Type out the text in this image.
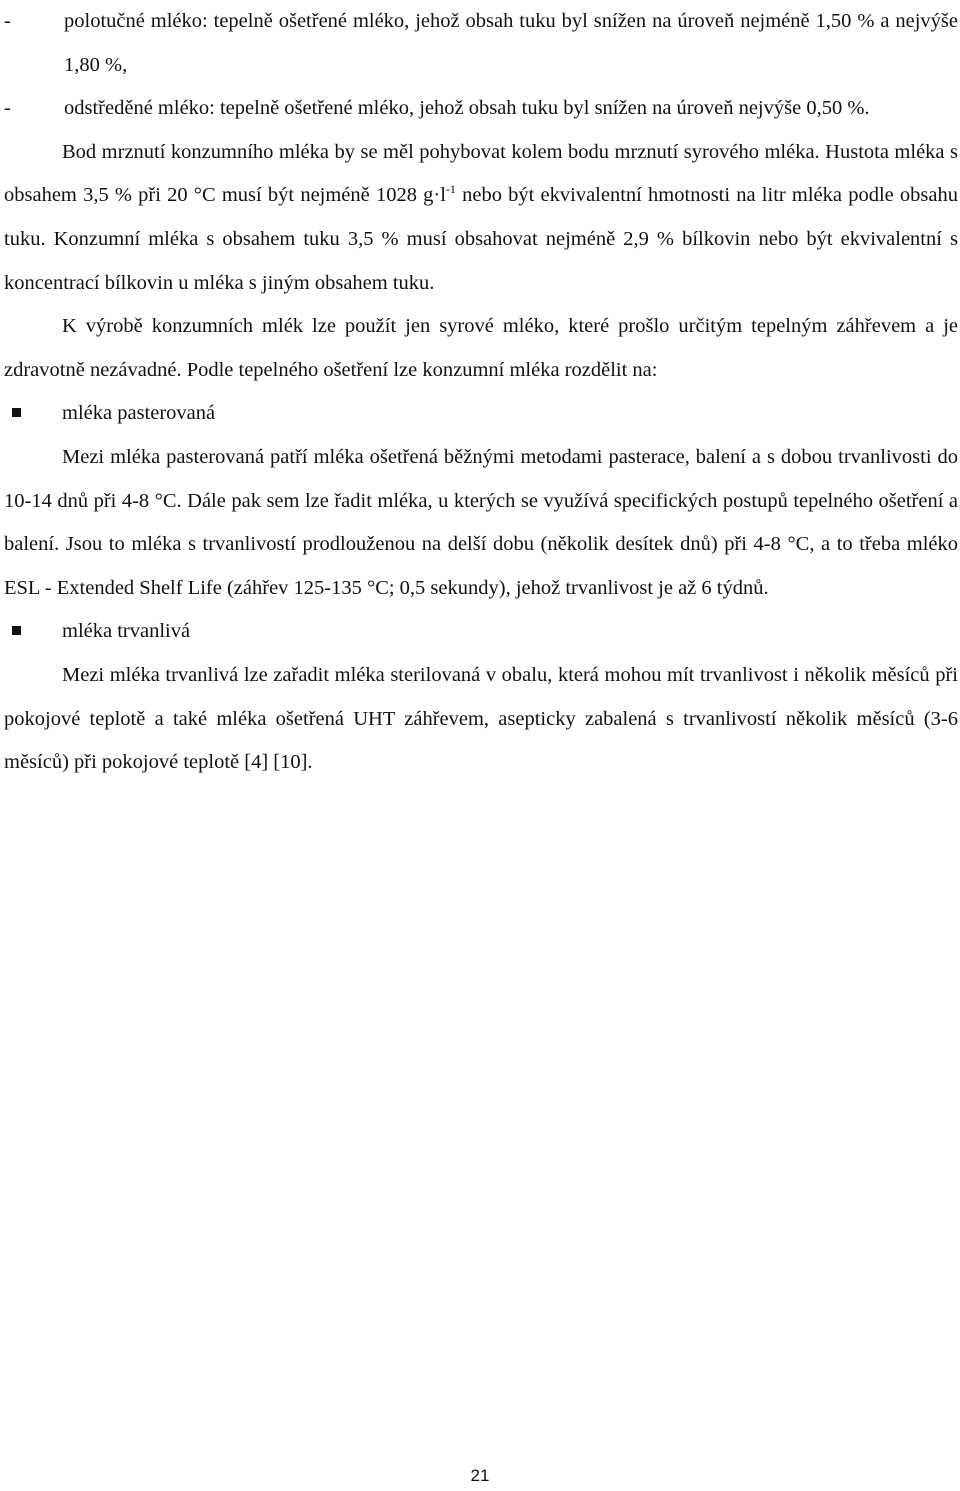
-	polotučné mléko: tepelně ošetřené mléko, jehož obsah tuku byl snížen na úroveň nejméně 1,50 % a nejvýše 1,80 %,
-	odstředěné mléko: tepelně ošetřené mléko, jehož obsah tuku byl snížen na úroveň nejvýše 0,50 %.
Bod mrznutí konzumního mléka by se měl pohybovat kolem bodu mrznutí syrového mléka. Hustota mléka s obsahem 3,5 % při 20 °C musí být nejméně 1028 $g\cdot l^{-1}$ nebo být ekvivalentní hmotnosti na litr mléka podle obsahu tuku. Konzumní mléka s obsahem tuku 3,5 % musí obsahovat nejméně 2,9 % bílkovin nebo být ekvivalentní s koncentrací bílkovin u mléka s jiným obsahem tuku.
K výrobě konzumních mlék lze použít jen syrové mléko, které prošlo určitým tepelným záhřevem a je zdravotně nezávadné. Podle tepelného ošetření lze konzumní mléka rozdělit na:
mléka pasterovaná
Mezi mléka pasterovaná patří mléka ošetřená běžnými metodami pasterace, balení a s dobou trvanlivosti do 10-14 dnů při 4-8 °C. Dále pak sem lze řadit mléka, u kterých se využívá specifických postupů tepelného ošetření a balení. Jsou to mléka s trvanlivostí prodlouženou na delší dobu (několik desítek dnů) při 4-8 °C, a to třeba mléko ESL - Extended Shelf Life (záhřev 125-135 °C; 0,5 sekundy), jehož trvanlivost je až 6 týdnů.
mléka trvanlivá
Mezi mléka trvanlivá lze zařadit mléka sterilovaná v obalu, která mohou mít trvanlivost i několik měsíců při pokojové teplotě a také mléka ošetřená UHT záhřevem, asepticky zabalená s trvanlivostí několik měsíců (3-6 měsíců) při pokojové teplotě [4] [10].
21
